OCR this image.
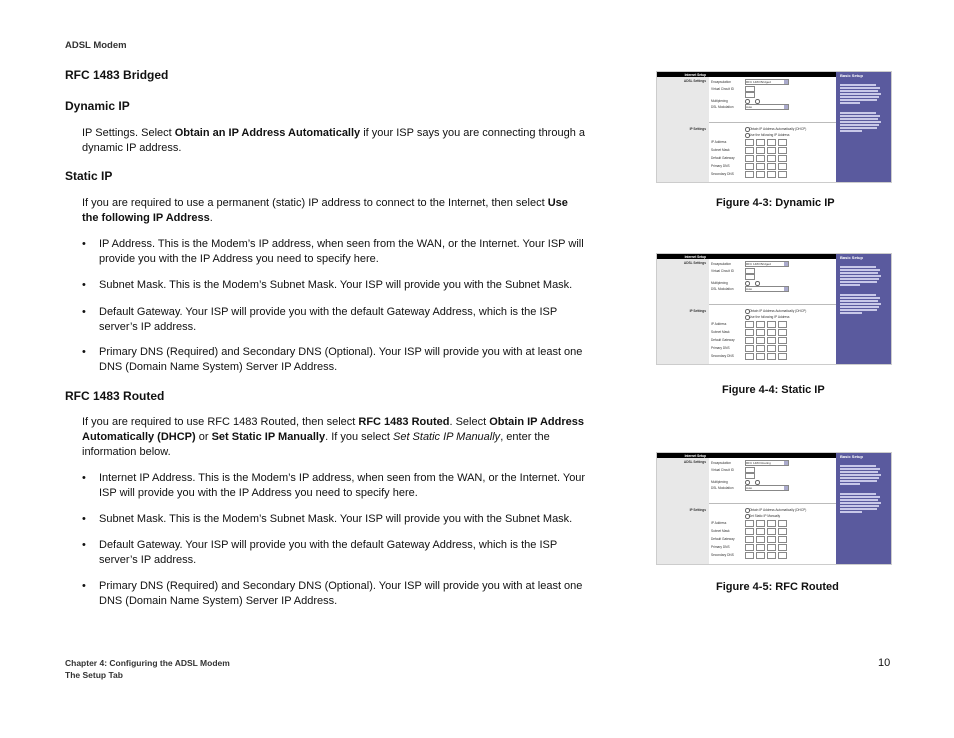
ADSL Modem
RFC 1483 Bridged
Dynamic IP

IP Settings. Select Obtain an IP Address Automatically if your ISP says you are connecting through a dynamic IP address.

Static IP

If you are required to use a permanent (static) IP address to connect to the Internet, then select Use the following IP Address.

• IP Address. This is the Modem’s IP address, when seen from the WAN, or the Internet. Your ISP will provide you with the IP Address you need to specify here.
• Subnet Mask. This is the Modem’s Subnet Mask. Your ISP will provide you with the Subnet Mask.
• Default Gateway. Your ISP will provide you with the default Gateway Address, which is the ISP server’s IP address.
• Primary DNS (Required) and Secondary DNS (Optional). Your ISP will provide you with at least one DNS (Domain Name System) Server IP Address.
RFC 1483 Routed

If you are required to use RFC 1483 Routed, then select RFC 1483 Routed. Select Obtain IP Address Automatically (DHCP) or Set Static IP Manually. If you select Set Static IP Manually, enter the information below.

• Internet IP Address. This is the Modem’s IP address, when seen from the WAN, or the Internet. Your ISP will provide you with the IP Address you need to specify here.
• Subnet Mask. This is the Modem’s Subnet Mask. Your ISP will provide you with the Subnet Mask.
• Default Gateway. Your ISP will provide you with the default Gateway Address, which is the ISP server’s IP address.
• Primary DNS (Required) and Secondary DNS (Optional). Your ISP will provide you with at least one DNS (Domain Name System) Server IP Address.
Internet Setup
ADSL Settings
IP Settings
Encapsulation	RFC 1483 Bridged
Virtual Circuit ID
Multiplexing
DSL Modulation	Auto
Obtain IP Address Automatically (DHCP)
Use the following IP Address
IP Address
Subnet Mask
Default Gateway
Primary DNS
Secondary DNS
Basic Setup
Figure 4-3: Dynamic IP
Internet Setup
ADSL Settings
IP Settings
Encapsulation	RFC 1483 Bridged
Virtual Circuit ID
Multiplexing
DSL Modulation	Auto
Obtain IP Address Automatically (DHCP)
Use the following IP Address
IP Address
Subnet Mask
Default Gateway
Primary DNS
Secondary DNS
Basic Setup
Figure 4-4: Static IP
Internet Setup
ADSL Settings
IP Settings
Encapsulation	RFC 1483 Routing
Virtual Circuit ID
Multiplexing
DSL Modulation	Auto
Obtain IP Address Automatically (DHCP)
Set Static IP Manually
IP Address
Subnet Mask
Default Gateway
Primary DNS
Secondary DNS
Basic Setup
Figure 4-5: RFC Routed
Chapter 4: Configuring the ADSL Modem
The Setup Tab
10
